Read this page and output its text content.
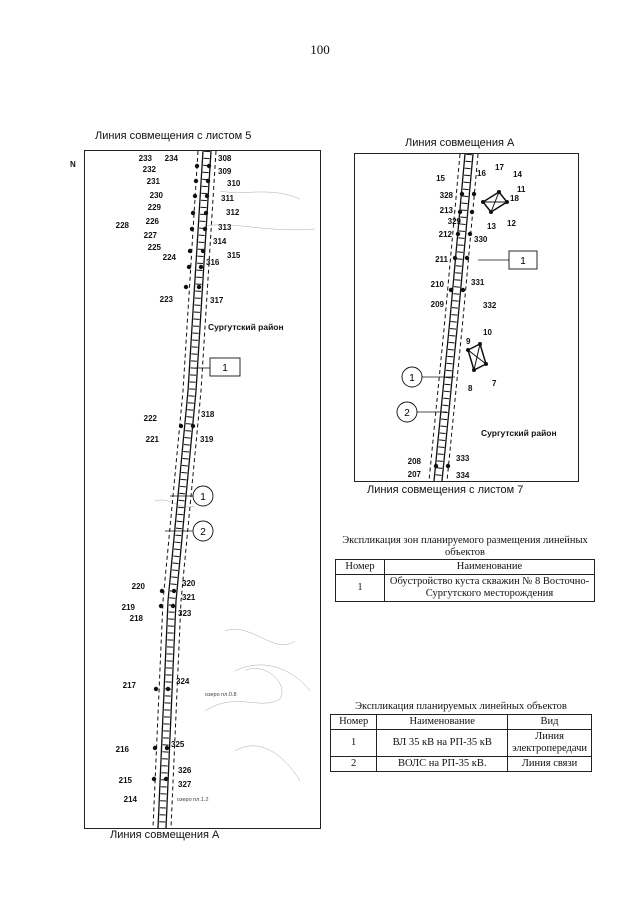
100
Линия совмещения с листом 5
233 234
232
231
230
229
228 226
227
225
224
223
308
309
310
311
312
313
314
315
316
317
222
221
318
319
220
219
218
320
321
323
217	324
216
325
215
214
326
327
озеро пл.0.8
озеро пл.1.2
Сургутский район
1
1
2
Линия совмещения А
N
Линия совмещения А
15
16
17
14
11
18
13 12
328
213
329
212
330
211
210
209
331
332
10
9
8
7
208
207
333
334
Сургутский район
1
1
2
Линия совмещения с листом 7
Экспликация зон планируемого размещения линейных объектов
Номер	Наименование
1	Обустройство куста скважин № 8 Восточно-Сургутского месторождения
Экспликация планируемых линейных объектов
Номер	Наименование	Вид
1	ВЛ 35 кВ на РП-35 кВ	Линия электропередачи
2	ВОЛС на РП-35 кВ.	Линия связи
